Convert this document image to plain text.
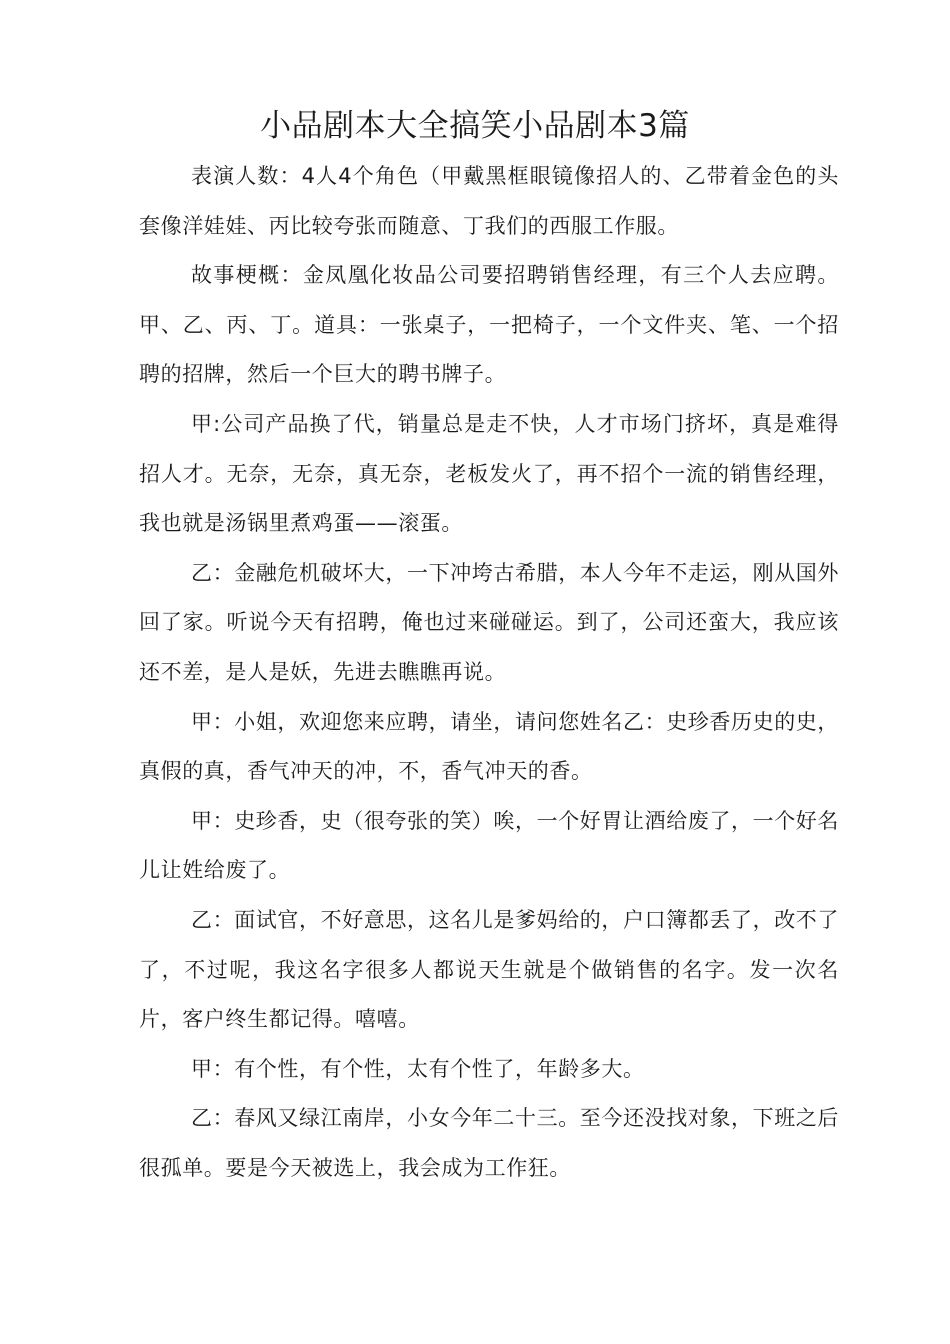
小品剧本大全搞笑小品剧本3篇

表演人数：4人4个角色（甲戴黑框眼镜像招人的、乙带着金色的头套像洋娃娃、丙比较夸张而随意、丁我们的西服工作服。

故事梗概：金凤凰化妆品公司要招聘销售经理，有三个人去应聘。甲、乙、丙、丁。道具：一张桌子，一把椅子，一个文件夹、笔、一个招聘的招牌，然后一个巨大的聘书牌子。

甲:公司产品换了代，销量总是走不快，人才市场门挤坏，真是难得招人才。无奈，无奈，真无奈，老板发火了，再不招个一流的销售经理，我也就是汤锅里煮鸡蛋——滚蛋。

乙：金融危机破坏大，一下冲垮古希腊，本人今年不走运，刚从国外回了家。听说今天有招聘，俺也过来碰碰运。到了，公司还蛮大，我应该还不差，是人是妖，先进去瞧瞧再说。

甲：小姐，欢迎您来应聘，请坐，请问您姓名乙：史珍香历史的史，真假的真，香气冲天的冲，不，香气冲天的香。

甲：史珍香，史（很夸张的笑）唉，一个好胃让酒给废了，一个好名儿让姓给废了。

乙：面试官，不好意思，这名儿是爹妈给的，户口簿都丢了，改不了了，不过呢，我这名字很多人都说天生就是个做销售的名字。发一次名片，客户终生都记得。嘻嘻。

甲：有个性，有个性，太有个性了，年龄多大。

乙：春风又绿江南岸，小女今年二十三。至今还没找对象，下班之后很孤单。要是今天被选上，我会成为工作狂。
